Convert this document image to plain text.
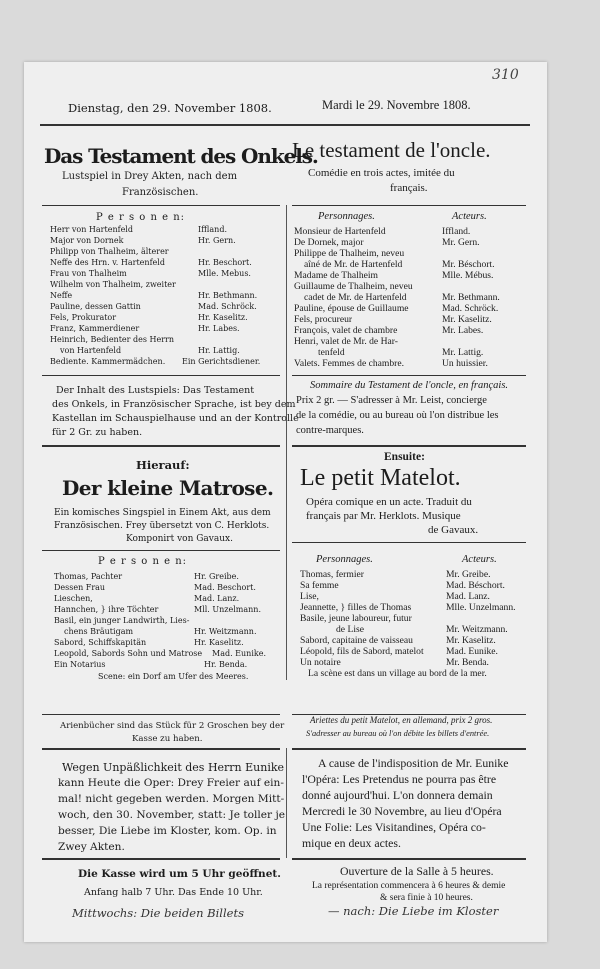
310
Dienstag, den 29. November 1808.	Mardi le 29. Novembre 1808.
Das Testament des Onkels.
Lustspiel in Drey Akten, nach dem
Französischen.
Le testament de l'oncle.
Comédie en trois actes, imitée du
français.
P e r s o n e n:	Personnages.	Acteurs.
Herr von Hartenfeld	Iffland.
Major von Dornek	Hr. Gern.
Philipp von Thalheim, älterer
Neffe des Hrn. v. Hartenfeld	Hr. Beschort.
Frau von Thalheim	Mlle. Mebus.
Wilhelm von Thalheim, zweiter
Neffe	Hr. Bethmann.
Pauline, dessen Gattin	Mad. Schröck.
Fels, Prokurator	Hr. Kaselitz.
Franz, Kammerdiener	Hr. Labes.
Heinrich, Bedienter des Herrn
von Hartenfeld	Hr. Lattig.
Bediente. Kammermädchen. Ein Gerichtsdiener.
Monsieur de Hartenfeld	Iffland.
De Dornek, major	Mr. Gern.
Philippe de Thalheim, neveu
aîné de Mr. de Hartenfeld	Mr. Béschort.
Madame de Thalheim	Mlle. Mébus.
Guillaume de Thalheim, neveu
cadet de Mr. de Hartenfeld	Mr. Bethmann.
Pauline, épouse de Guillaume	Mad. Schröck.
Fels, procureur	Mr. Kaselitz.
François, valet de chambre	Mr. Labes.
Henri, valet de Mr. de Har-
tenfeld	Mr. Lattig.
Valets. Femmes de chambre.	Un huissier.
Der Inhalt des Lustspiels: Das Testament
des Onkels, in Französischer Sprache, ist bey dem
Kastellan im Schauspielhause und an der Kontrolle
für 2 Gr. zu haben.
Sommaire du Testament de l'oncle, en français.
Prix 2 gr. — S'adresser à Mr. Leist, concierge
de la comédie, ou au bureau où l'on distribue les
contre-marques.
Hierauf:
Ensuite:
Der kleine Matrose. Le petit Matelot.
Ein komisches Singspiel in Einem Akt, aus dem
Französischen. Frey übersetzt von C. Herklots.
Komponirt von Gavaux.
Opéra comique en un acte. Traduit du
français par Mr. Herklots. Musique
de Gavaux.
P e r s o n e n:	Personnages.	Acteurs.
Thomas, Pachter	Hr. Greibe.
Dessen Frau	Mad. Beschort.
Lieschen,	Mad. Lanz.
Hannchen, } ihre Töchter	Mll. Unzelmann.
Basil, ein junger Landwirth, Lies-
chens Bräutigam	Hr. Weitzmann.
Sabord, Schiffskapitän	Hr. Kaselitz.
Leopold, Sabords Sohn und Matrose Mad. Eunike.
Ein Notarius	Hr. Benda.
Scene: ein Dorf am Ufer des Meeres.
Thomas, fermier	Mr. Greibe.
Sa femme	Mad. Béschort.
Lise,	Mad. Lanz.
Jeannette, } filles de Thomas	Mlle. Unzelmann.
Basile, jeune laboureur, futur
de Lise	Mr. Weitzmann.
Sabord, capitaine de vaisseau	Mr. Kaselitz.
Léopold, fils de Sabord, matelot Mad. Eunike.
Un notaire	Mr. Benda.
La scène est dans un village au bord de la mer.
Arienbücher sind das Stück für 2 Groschen bey der
Kasse zu haben.
Ariettes du petit Matelot, en allemand, prix 2 gros.
S'adresser au bureau où l'on débite les billets d'entrée.
Wegen Unpäßlichkeit des Herrn Eunike
kann Heute die Oper: Drey Freier auf ein-
mal! nicht gegeben werden. Morgen Mitt-
woch, den 30. November, statt: Je toller je
besser, Die Liebe im Kloster, kom. Op. in
Zwey Akten.
A cause de l'indisposition de Mr. Eunike
l'Opéra: Les Pretendus ne pourra pas être
donné aujourd'hui. L'on donnera demain
Mercredi le 30 Novembre, au lieu d'Opéra
Une Folie: Les Visitandines, Opéra co-
mique en deux actes.
Die Kasse wird um 5 Uhr geöffnet.
Anfang halb 7 Uhr. Das Ende 10 Uhr.
Ouverture de la Salle à 5 heures.
La représentation commencera à 6 heures & demie
& sera finie à 10 heures.
Mittwochs: Die beiden Billets	— nach: Die Liebe im Kloster
